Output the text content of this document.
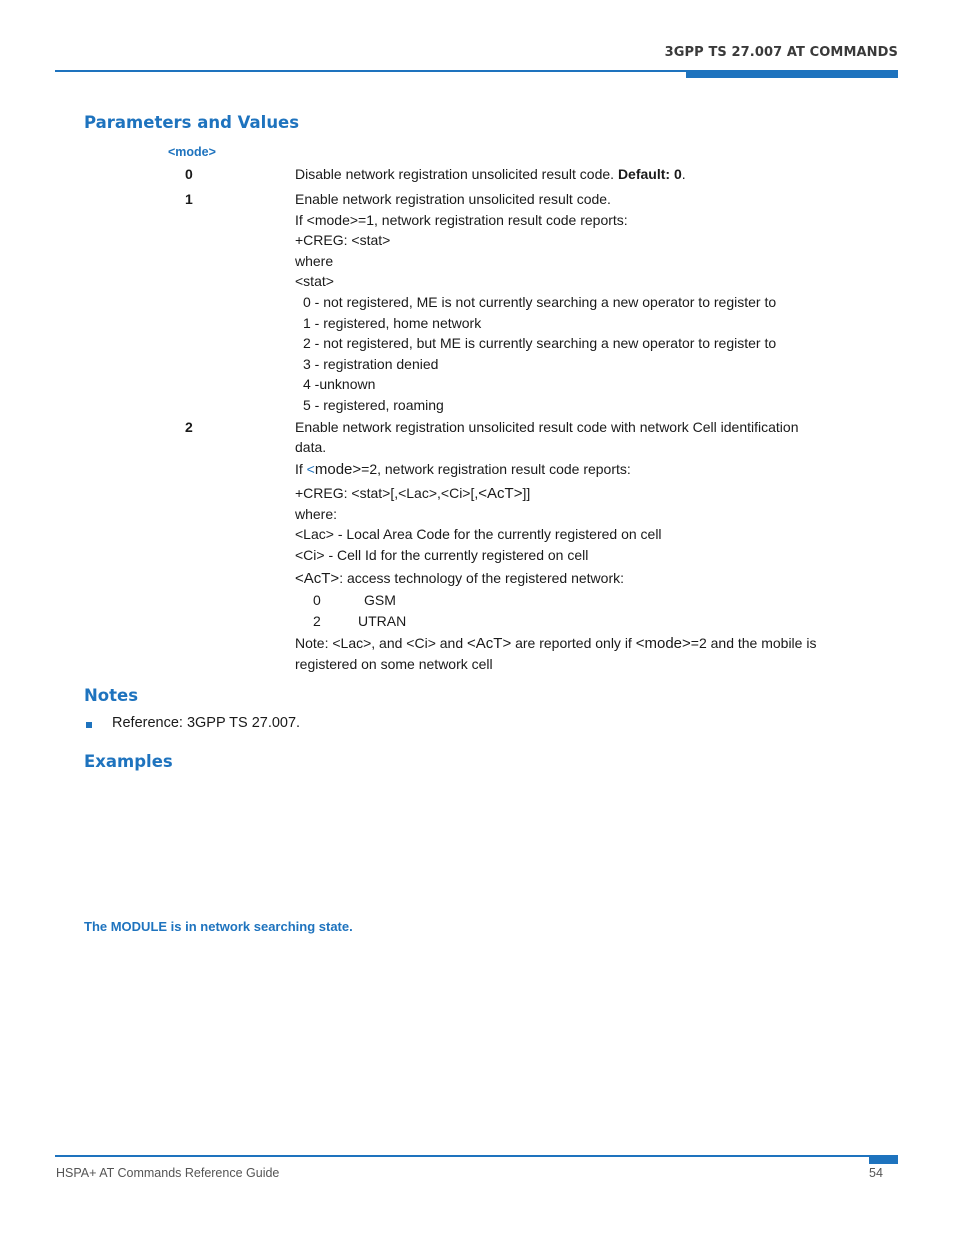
3GPP TS 27.007 AT COMMANDS
Parameters and Values
<mode>
0	Disable network registration unsolicited result code. Default: 0.
1	Enable network registration unsolicited result code.

If <mode>=1, network registration result code reports:

+CREG: <stat>

where

<stat>

0 - not registered, ME is not currently searching a new operator to register to

1 - registered, home network

2 - not registered, but ME is currently searching a new operator to register to

3 - registration denied

4 -unknown

5 - registered, roaming

2	Enable network registration unsolicited result code with network Cell identification

data.

If <mode>=2, network registration result code reports:

+CREG: <stat>[,<Lac>,<Ci>[,<AcT>]]

where:

<Lac> - Local Area Code for the currently registered on cell

<Ci> - Cell Id for the currently registered on cell

<AcT>: access technology of the registered network:

0	GSM

2	UTRAN

Note: <Lac>, and <Ci> and <AcT> are reported only if <mode>=2 and the mobile is

registered on some network cell

Notes
Reference: 3GPP TS 27.007.
Examples
The MODULE is in network searching state.
HSPA+ AT Commands Reference Guide	54
